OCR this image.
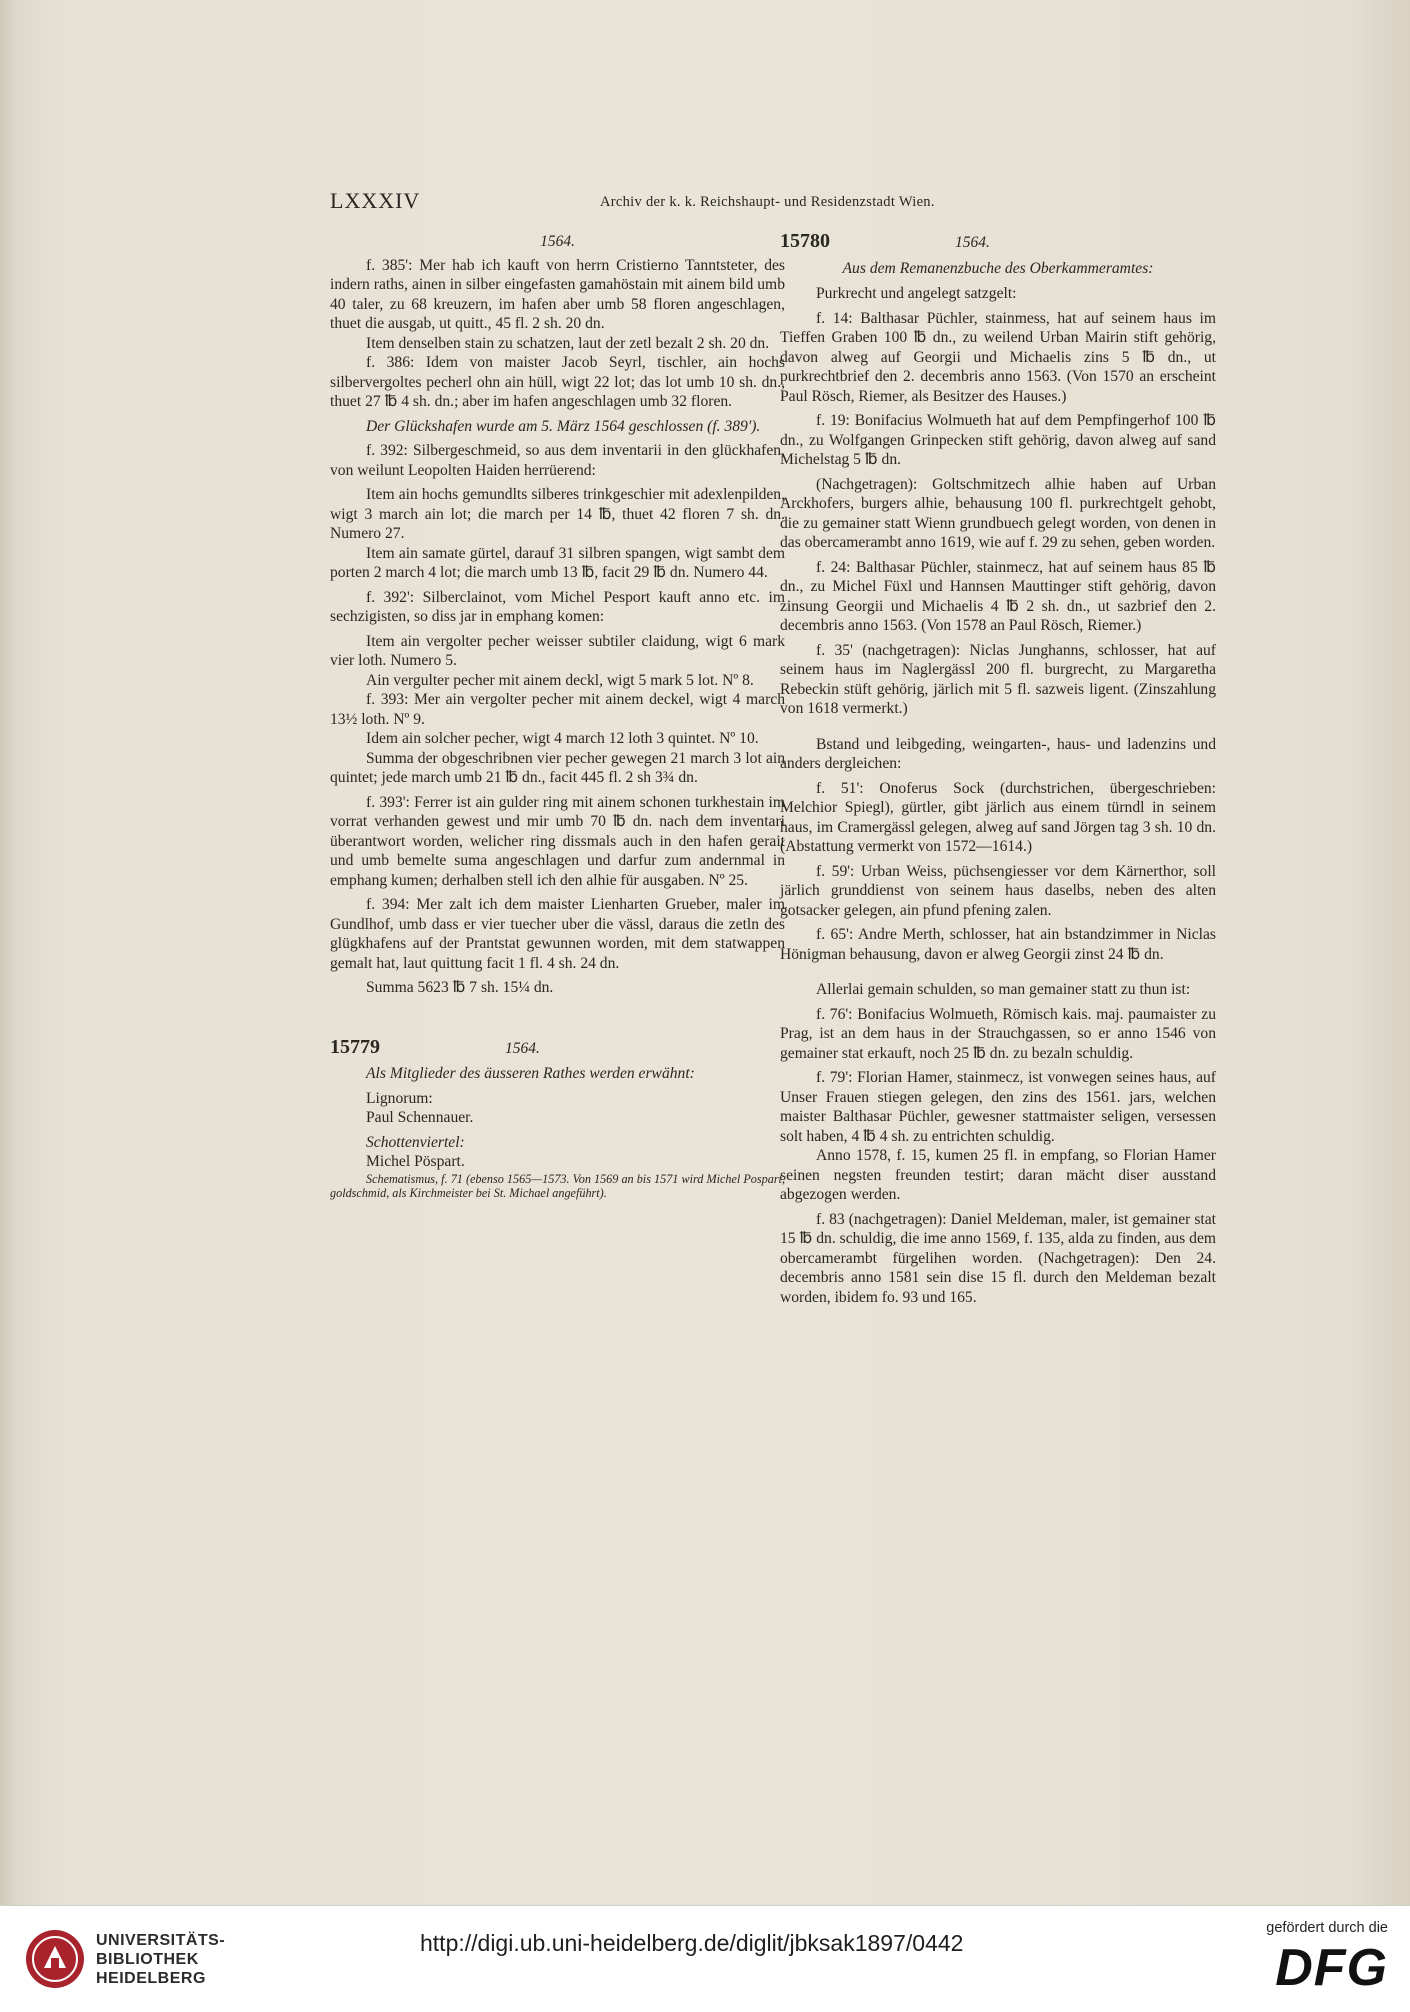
LXXXIV	Archiv der k. k. Reichshaupt- und Residenzstadt Wien.
1564.

f. 385': Mer hab ich kauft von herrn Cristierno Tanntsteter, des indern raths, ainen in silber eingefasten gamahöstain mit ainem bild umb 40 taler, zu 68 kreuzern, im hafen aber umb 58 floren angeschlagen, thuet die ausgab, ut quitt., 45 fl. 2 sh. 20 dn.

Item denselben stain zu schatzen, laut der zetl bezalt 2 sh. 20 dn.

f. 386: Idem von maister Jacob Seyrl, tischler, ain hochs silbervergoltes pecherl ohn ain hüll, wigt 22 lot; das lot umb 10 sh. dn., thuet 27 ℔ 4 sh. dn.; aber im hafen angeschlagen umb 32 floren.

Der Glückshafen wurde am 5. März 1564 geschlossen (f. 389').

f. 392: Silbergeschmeid, so aus dem inventarii in den glückhafen, von weilunt Leopolten Haiden herrüerend:

Item ain hochs gemundlts silberes trinkgeschier mit adexlenpilden, wigt 3 march ain lot; die march per 14 ℔, thuet 42 floren 7 sh. dn. Numero 27.

Item ain samate gürtel, darauf 31 silbren spangen, wigt sambt dem porten 2 march 4 lot; die march umb 13 ℔, facit 29 ℔ dn. Numero 44.

f. 392': Silberclainot, vom Michel Pesport kauft anno etc. im sechzigisten, so diss jar in emphang komen:

Item ain vergolter pecher weisser subtiler claidung, wigt 6 mark vier loth. Numero 5.

Ain vergulter pecher mit ainem deckl, wigt 5 mark 5 lot. Nº 8.

f. 393: Mer ain vergolter pecher mit ainem deckel, wigt 4 march 13½ loth. Nº 9.

Idem ain solcher pecher, wigt 4 march 12 loth 3 quintet. Nº 10.

Summa der obgeschribnen vier pecher gewegen 21 march 3 lot ain quintet; jede march umb 21 ℔ dn., facit 445 fl. 2 sh 3¾ dn.

f. 393': Ferrer ist ain gulder ring mit ainem schonen turkhestain im vorrat verhanden gewest und mir umb 70 ℔ dn. nach dem inventari überantwort worden, welicher ring dissmals auch in den hafen gerait und umb bemelte suma angeschlagen und darfur zum andernmal in emphang kumen; derhalben stell ich den alhie für ausgaben. Nº 25.

f. 394: Mer zalt ich dem maister Lienharten Grueber, maler im Gundlhof, umb dass er vier tuecher uber die vässl, daraus die zetln des glügkhafens auf der Prantstat gewunnen worden, mit dem statwappen gemalt hat, laut quittung facit 1 fl. 4 sh. 24 dn.

Summa 5623 ℔ 7 sh. 15¼ dn.

15779	1564.

Als Mitglieder des äusseren Rathes werden erwähnt:

Lignorum:

Paul Schennauer.

Schottenviertel:

Michel Pöspart.

Schematismus, f. 71 (ebenso 1565—1573. Von 1569 an bis 1571 wird Michel Pospart, goldschmid, als Kirchmeister bei St. Michael angeführt).

15780	1564.
Aus dem Remanenzbuche des Oberkammeramtes:

Purkrecht und angelegt satzgelt:

f. 14: Balthasar Püchler, stainmess, hat auf seinem haus im Tieffen Graben 100 ℔ dn., zu weilend Urban Mairin stift gehörig, davon alweg auf Georgii und Michaelis zins 5 ℔ dn., ut purkrechtbrief den 2. decembris anno 1563. (Von 1570 an erscheint Paul Rösch, Riemer, als Besitzer des Hauses.)

f. 19: Bonifacius Wolmueth hat auf dem Pempfingerhof 100 ℔ dn., zu Wolfgangen Grinpecken stift gehörig, davon alweg auf sand Michelstag 5 ℔ dn.

(Nachgetragen): Goltschmitzech alhie haben auf Urban Arckhofers, burgers alhie, behausung 100 fl. purkrechtgelt gehobt, die zu gemainer statt Wienn grundbuech gelegt worden, von denen in das obercamerambt anno 1619, wie auf f. 29 zu sehen, geben worden.

f. 24: Balthasar Püchler, stainmecz, hat auf seinem haus 85 ℔ dn., zu Michel Füxl und Hannsen Mauttinger stift gehörig, davon zinsung Georgii und Michaelis 4 ℔ 2 sh. dn., ut sazbrief den 2. decembris anno 1563. (Von 1578 an Paul Rösch, Riemer.)

f. 35' (nachgetragen): Niclas Junghanns, schlosser, hat auf seinem haus im Naglergässl 200 fl. burgrecht, zu Margaretha Rebeckin stüft gehörig, järlich mit 5 fl. sazweis ligent. (Zinszahlung von 1618 vermerkt.)

Bstand und leibgeding, weingarten-, haus- und ladenzins und anders dergleichen:

f. 51': Onoferus Sock (durchstrichen, übergeschrieben: Melchior Spiegl), gürtler, gibt järlich aus einem türndl in seinem haus, im Cramergässl gelegen, alweg auf sand Jörgen tag 3 sh. 10 dn. (Abstattung vermerkt von 1572—1614.)

f. 59': Urban Weiss, püchsengiesser vor dem Kärnerthor, soll järlich grunddienst von seinem haus daselbs, neben des alten gotsacker gelegen, ain pfund pfening zalen.

f. 65': Andre Merth, schlosser, hat ain bstandzimmer in Niclas Hönigman behausung, davon er alweg Georgii zinst 24 ℔ dn.

Allerlai gemain schulden, so man gemainer statt zu thun ist:

f. 76': Bonifacius Wolmueth, Römisch kais. maj. paumaister zu Prag, ist an dem haus in der Strauchgassen, so er anno 1546 von gemainer stat erkauft, noch 25 ℔ dn. zu bezaln schuldig.

f. 79': Florian Hamer, stainmecz, ist vonwegen seines haus, auf Unser Frauen stiegen gelegen, den zins des 1561. jars, welchen maister Balthasar Püchler, gewesner stattmaister seligen, versessen solt haben, 4 ℔ 4 sh. zu entrichten schuldig.

Anno 1578, f. 15, kumen 25 fl. in empfang, so Florian Hamer seinen negsten freunden testirt; daran mächt diser ausstand abgezogen werden.

f. 83 (nachgetragen): Daniel Meldeman, maler, ist gemainer stat 15 ℔ dn. schuldig, die ime anno 1569, f. 135, alda zu finden, aus dem obercamerambt fürgelihen worden. (Nachgetragen): Den 24. decembris anno 1581 sein dise 15 fl. durch den Meldeman bezalt worden, ibidem fo. 93 und 165.

UNIVERSITÄTS-
BIBLIOTHEK
HEIDELBERG
http://digi.ub.uni-heidelberg.de/diglit/jbksak1897/0442
gefördert durch die
DFG
